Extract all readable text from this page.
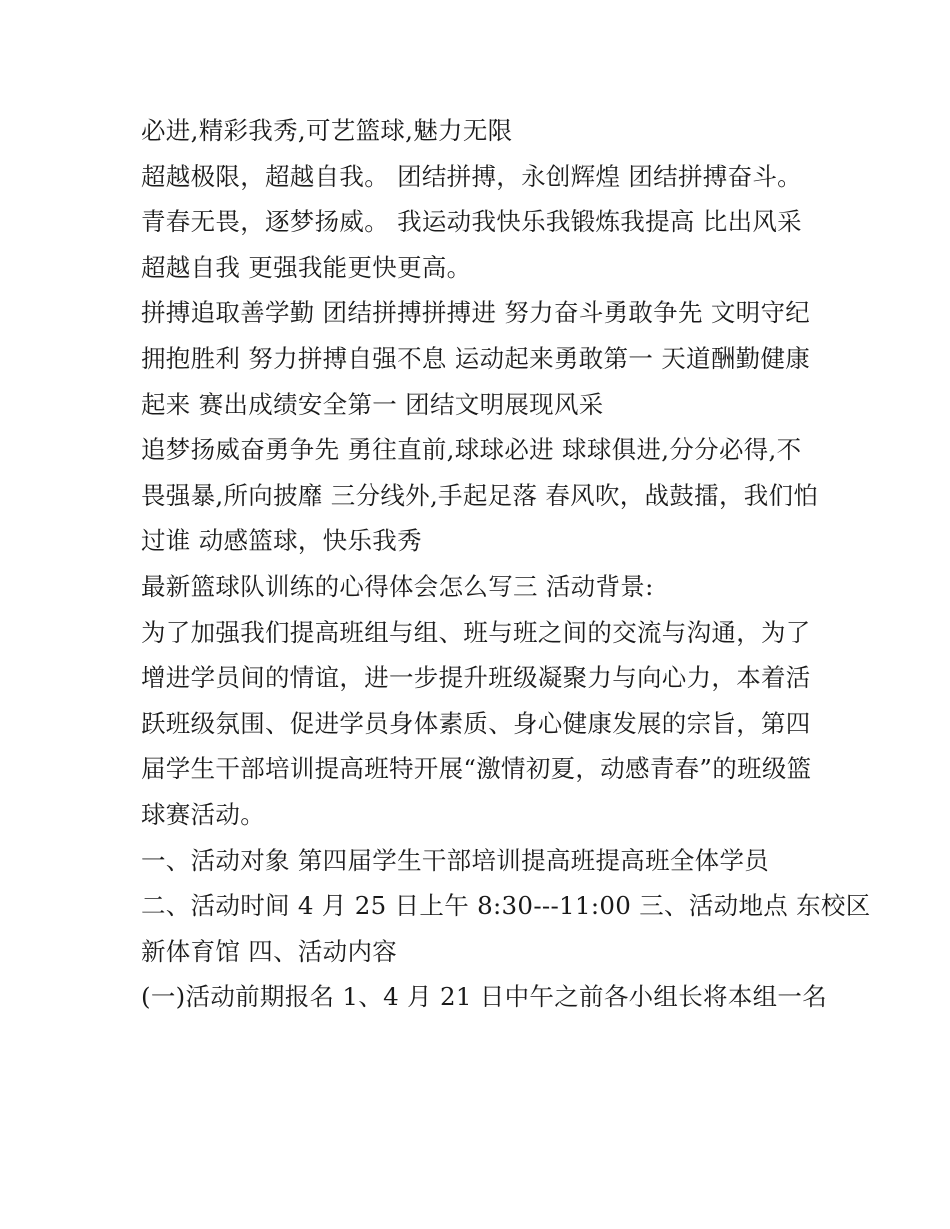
必进,精彩我秀,可艺篮球,魅力无限
超越极限，超越自我。 团结拼搏，永创辉煌 团结拼搏奋斗。
青春无畏，逐梦扬威。 我运动我快乐我锻炼我提高 比出风采
超越自我 更强我能更快更高。
拼搏追取善学勤 团结拼搏拼搏进 努力奋斗勇敢争先 文明守纪
拥抱胜利 努力拼搏自强不息 运动起来勇敢第一 天道酬勤健康
起来 赛出成绩安全第一 团结文明展现风采
追梦扬威奋勇争先 勇往直前,球球必进 球球俱进,分分必得,不
畏强暴,所向披靡 三分线外,手起足落 春风吹，战鼓擂，我们怕
过谁 动感篮球，快乐我秀
最新篮球队训练的心得体会怎么写三 活动背景:
为了加强我们提高班组与组、班与班之间的交流与沟通，为了
增进学员间的情谊，进一步提升班级凝聚力与向心力，本着活
跃班级氛围、促进学员身体素质、身心健康发展的宗旨，第四
届学生干部培训提高班特开展“激情初夏，动感青春”的班级篮
球赛活动。
一、活动对象 第四届学生干部培训提高班提高班全体学员
二、活动时间 4 月 25 日上午 8:30---11:00 三、活动地点 东校区
新体育馆 四、活动内容
(一)活动前期报名 1、4 月 21 日中午之前各小组长将本组一名
